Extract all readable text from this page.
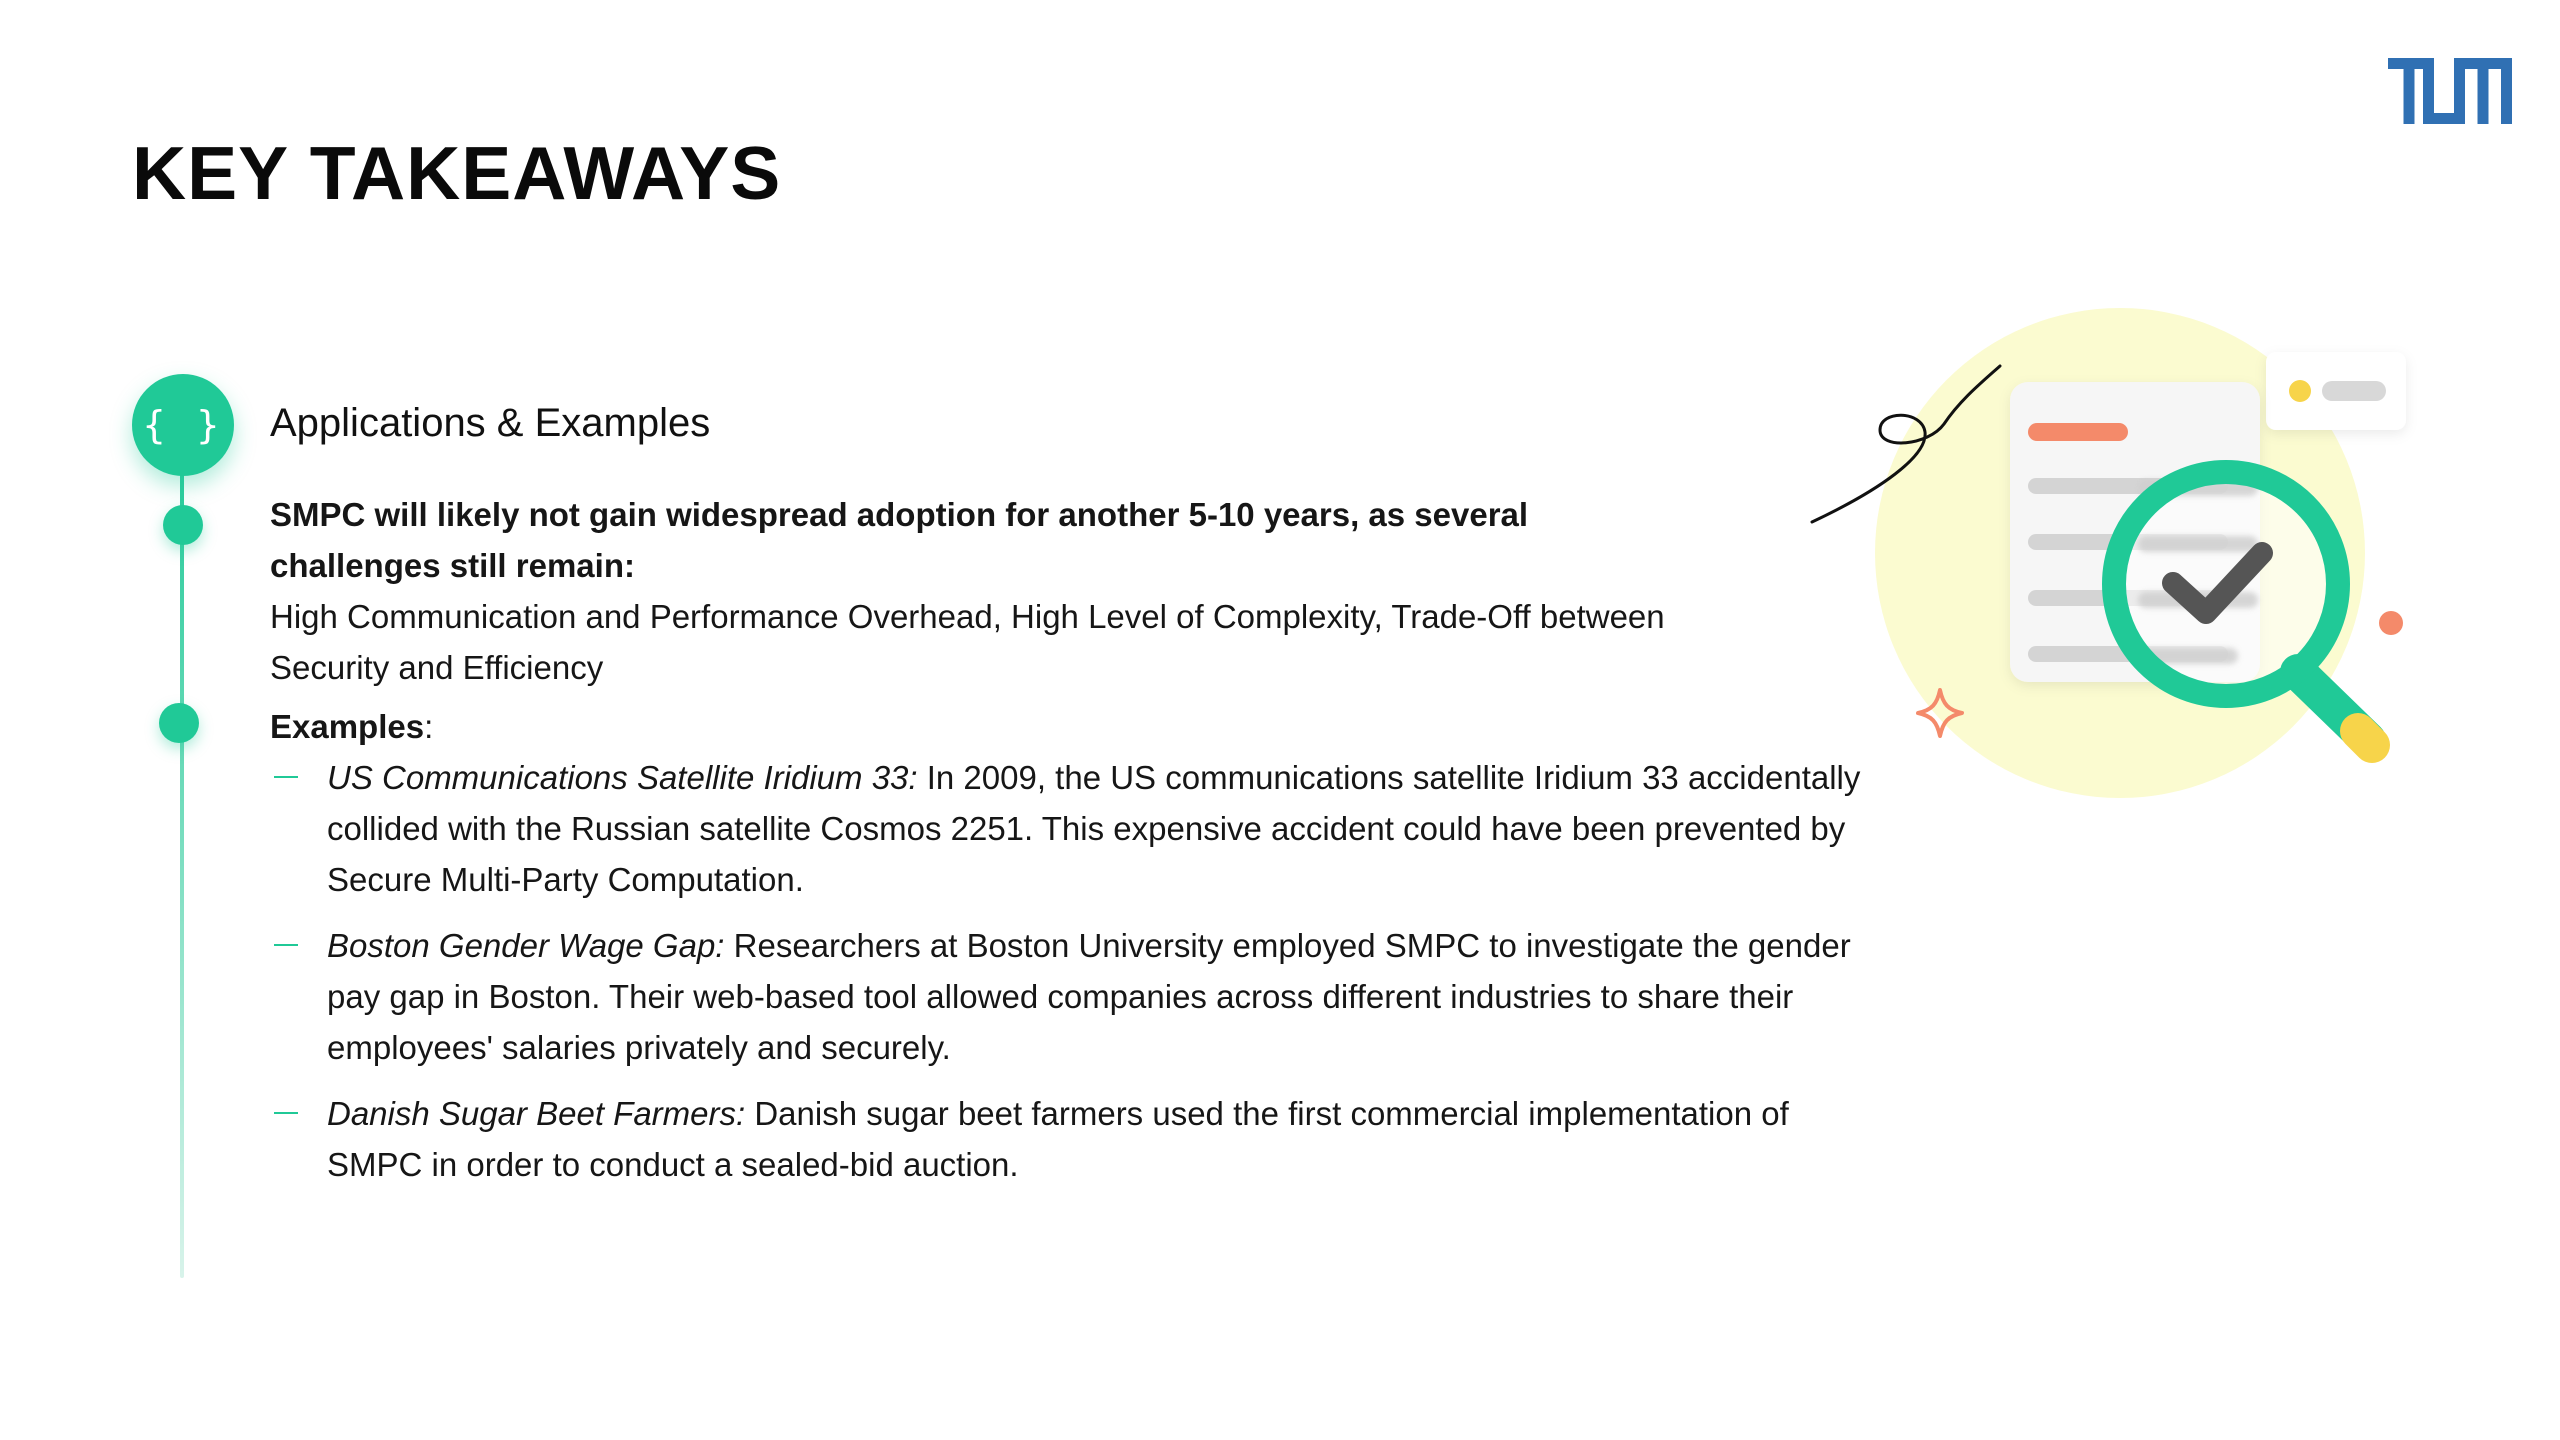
KEY TAKEAWAYS
{ } Applications & Examples
SMPC will likely not gain widespread adoption for another 5-10 years, as several challenges still remain:
High Communication and Performance Overhead, High Level of Complexity, Trade-Off between Security and Efficiency
Examples:
US Communications Satellite Iridium 33: In 2009, the US communications satellite Iridium 33 accidentally collided with the Russian satellite Cosmos 2251. This expensive accident could have been prevented by Secure Multi-Party Computation.
Boston Gender Wage Gap: Researchers at Boston University employed SMPC to investigate the gender pay gap in Boston. Their web-based tool allowed companies across different industries to share their employees' salaries privately and securely.
Danish Sugar Beet Farmers: Danish sugar beet farmers used the first commercial implementation of SMPC in order to conduct a sealed-bid auction.
